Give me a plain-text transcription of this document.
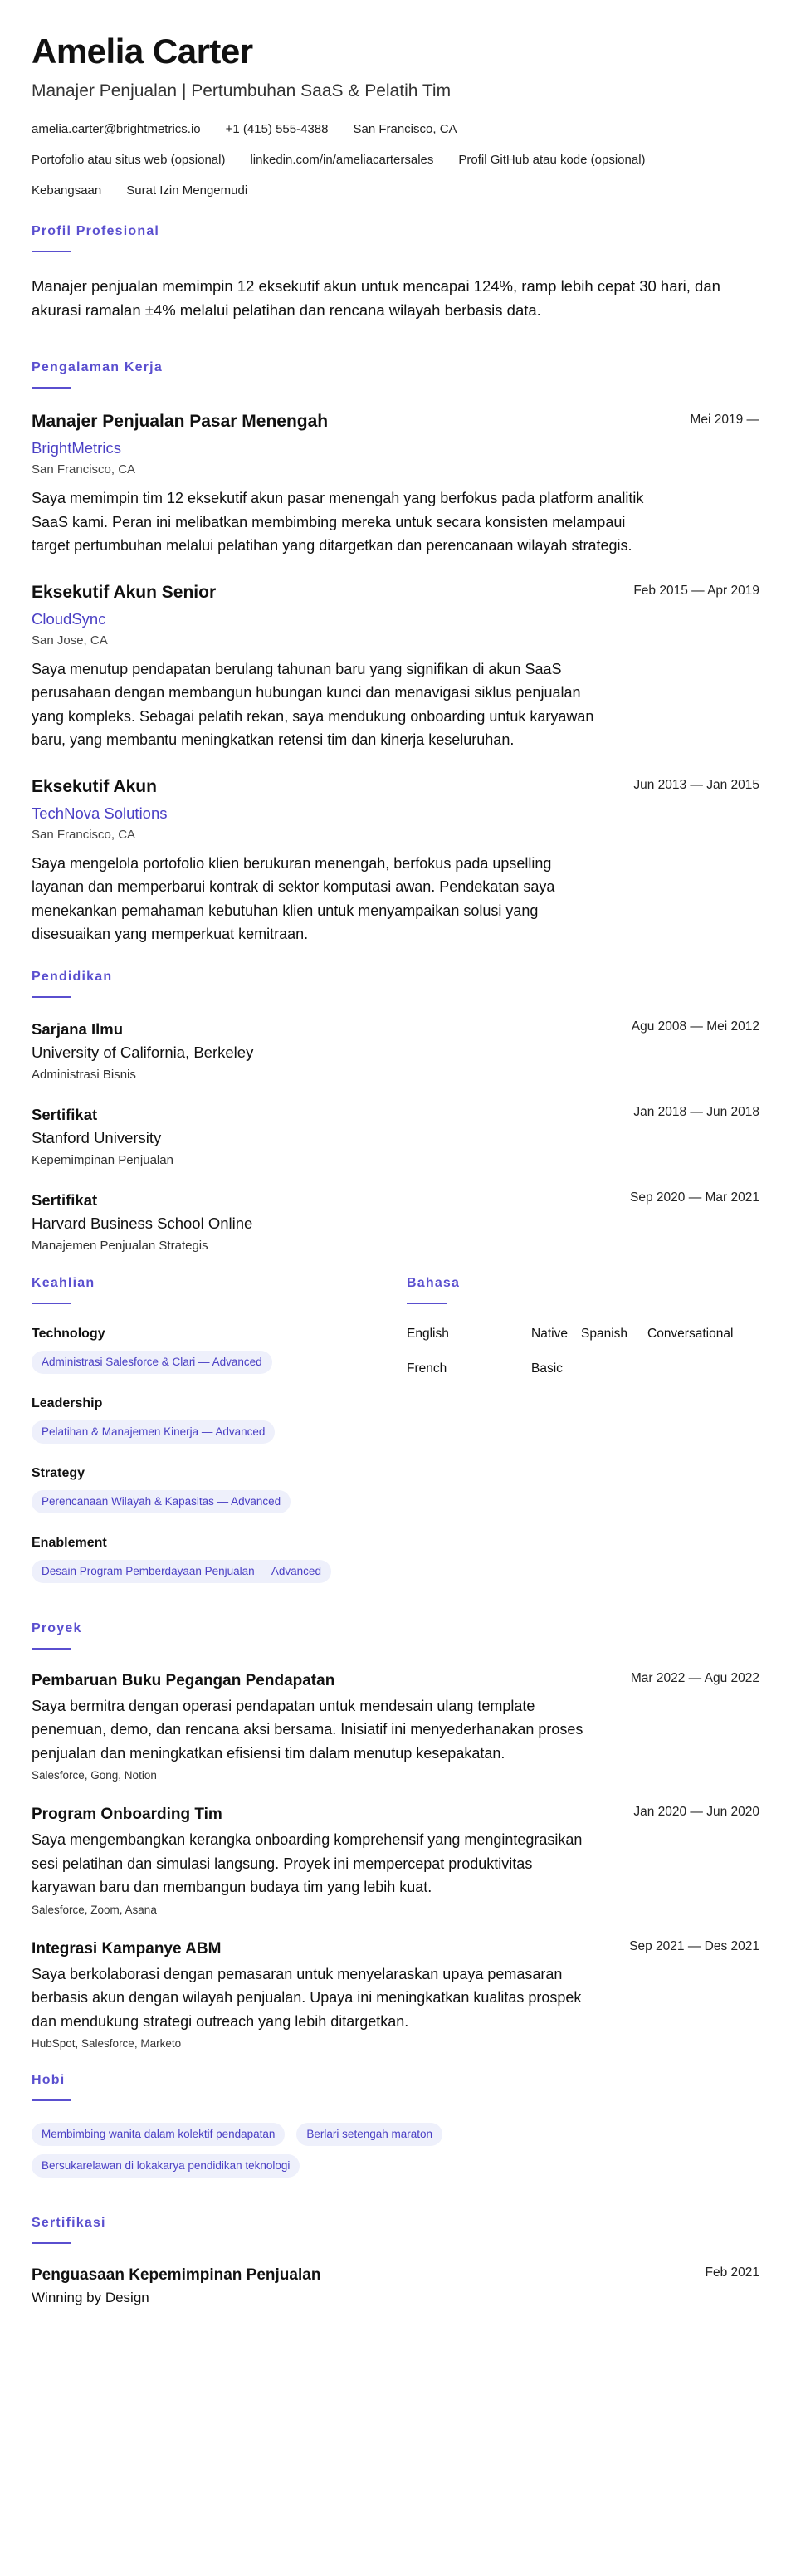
Amelia Carter
Manajer Penjualan | Pertumbuhan SaaS & Pelatih Tim
amelia.carter@brightmetrics.io +1 (415) 555-4388 San Francisco, CA
Portofolio atau situs web (opsional) linkedin.com/in/ameliacartersales Profil GitHub atau kode (opsional)
Kebangsaan Surat Izin Mengemudi
Profil Profesional

Manajer penjualan memimpin 12 eksekutif akun untuk mencapai 124%, ramp lebih cepat 30 hari, dan akurasi ramalan ±4% melalui pelatihan dan rencana wilayah berbasis data.

Pengalaman Kerja
Manajer Penjualan Pasar Menengah	Mei 2019 —
BrightMetrics
San Francisco, CA

Saya memimpin tim 12 eksekutif akun pasar menengah yang berfokus pada platform analitik SaaS kami. Peran ini melibatkan membimbing mereka untuk secara konsisten melampaui target pertumbuhan melalui pelatihan yang ditargetkan dan perencanaan wilayah strategis.

Eksekutif Akun Senior	Feb 2015 — Apr 2019
CloudSync
San Jose, CA

Saya menutup pendapatan berulang tahunan baru yang signifikan di akun SaaS perusahaan dengan membangun hubungan kunci dan menavigasi siklus penjualan yang kompleks. Sebagai pelatih rekan, saya mendukung onboarding untuk karyawan baru, yang membantu meningkatkan retensi tim dan kinerja keseluruhan.

Eksekutif Akun	Jun 2013 — Jan 2015
TechNova Solutions
San Francisco, CA

Saya mengelola portofolio klien berukuran menengah, berfokus pada upselling layanan dan memperbarui kontrak di sektor komputasi awan. Pendekatan saya menekankan pemahaman kebutuhan klien untuk menyampaikan solusi yang disesuaikan yang memperkuat kemitraan.

Pendidikan
Sarjana Ilmu	Agu 2008 — Mei 2012
University of California, Berkeley
Administrasi Bisnis
Sertifikat	Jan 2018 — Jun 2018
Stanford University
Kepemimpinan Penjualan
Sertifikat	Sep 2020 — Mar 2021
Harvard Business School Online
Manajemen Penjualan Strategis
Keahlian
Technology
Administrasi Salesforce & Clari — Advanced
Leadership
Pelatihan & Manajemen Kinerja — Advanced
Strategy
Perencanaan Wilayah & Kapasitas — Advanced
Enablement
Desain Program Pemberdayaan Penjualan — Advanced
Bahasa
English	Native	Spanish	Conversational
French	Basic
Proyek
Pembaruan Buku Pegangan Pendapatan	Mar 2022 — Agu 2022

Saya bermitra dengan operasi pendapatan untuk mendesain ulang template penemuan, demo, dan rencana aksi bersama. Inisiatif ini menyederhanakan proses penjualan dan meningkatkan efisiensi tim dalam menutup kesepakatan.

Salesforce, Gong, Notion
Program Onboarding Tim	Jan 2020 — Jun 2020

Saya mengembangkan kerangka onboarding komprehensif yang mengintegrasikan sesi pelatihan dan simulasi langsung. Proyek ini mempercepat produktivitas karyawan baru dan membangun budaya tim yang lebih kuat.

Salesforce, Zoom, Asana
Integrasi Kampanye ABM	Sep 2021 — Des 2021

Saya berkolaborasi dengan pemasaran untuk menyelaraskan upaya pemasaran berbasis akun dengan wilayah penjualan. Upaya ini meningkatkan kualitas prospek dan mendukung strategi outreach yang lebih ditargetkan.

HubSpot, Salesforce, Marketo
Hobi
Membimbing wanita dalam kolektif pendapatan	Berlari setengah maraton
Bersukarelawan di lokakarya pendidikan teknologi
Sertifikasi
Penguasaan Kepemimpinan Penjualan	Feb 2021
Winning by Design
